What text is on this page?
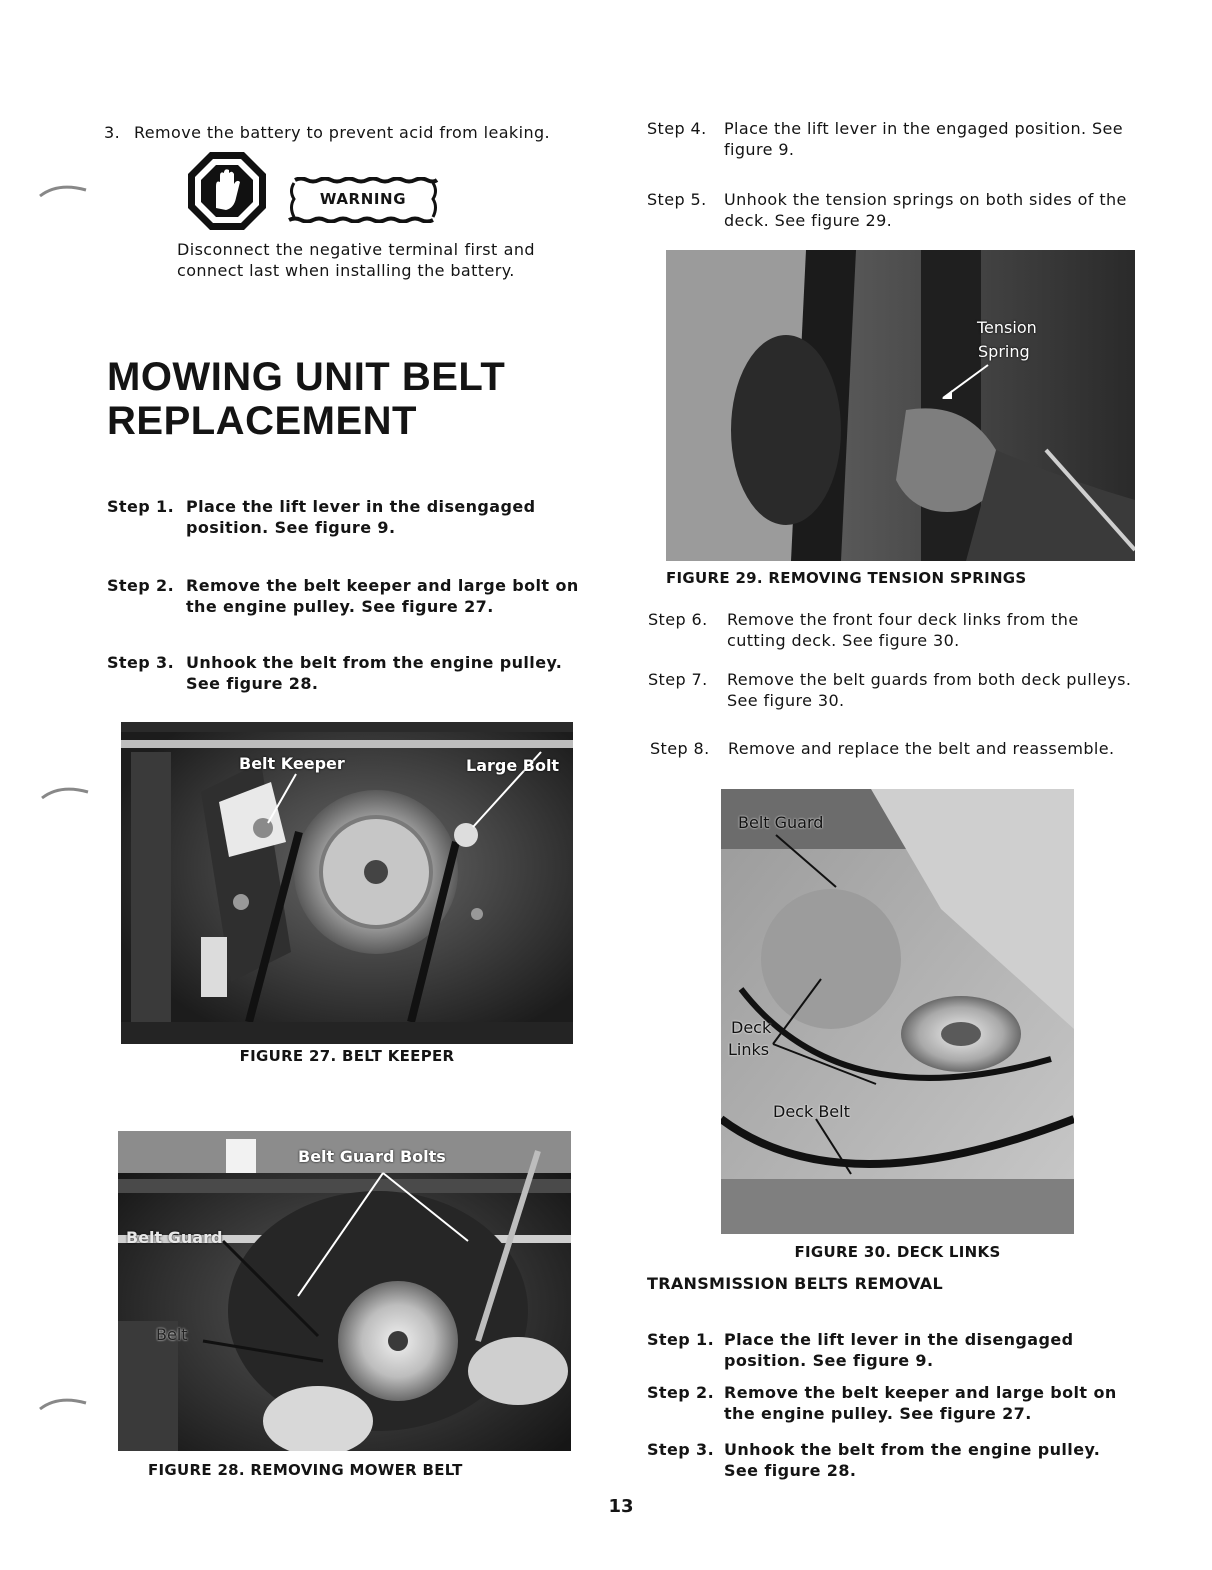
3. Remove the battery to prevent acid from leaking.
WARNING
Disconnect the negative terminal first and connect last when installing the battery.
MOWING UNIT BELT REPLACEMENT
Step 1. Place the lift lever in the disengaged position. See figure 9.
Step 2. Remove the belt keeper and large bolt on the engine pulley. See figure 27.
Step 3. Unhook the belt from the engine pulley. See figure 28.
Belt Keeper	Large Bolt
FIGURE 27. BELT KEEPER
Belt Guard Bolts
Belt Guard
Belt
FIGURE 28. REMOVING MOWER BELT
Step 4.	Place the lift lever in the engaged position. See figure 9.
Step 5.	Unhook the tension springs on both sides of the deck. See figure 29.
Tension
Spring
FIGURE 29. REMOVING TENSION SPRINGS
Step 6.	Remove the front four deck links from the cutting deck. See figure 30.
Step 7.	Remove the belt guards from both deck pulleys. See figure 30.
Step 8.	Remove and replace the belt and reassemble.
Belt Guard
Deck
Links
Deck Belt
FIGURE 30. DECK LINKS
TRANSMISSION BELTS REMOVAL
Step 1. Place the lift lever in the disengaged position. See figure 9.
Step 2. Remove the belt keeper and large bolt on the engine pulley. See figure 27.
Step 3. Unhook the belt from the engine pulley. See figure 28.
13
